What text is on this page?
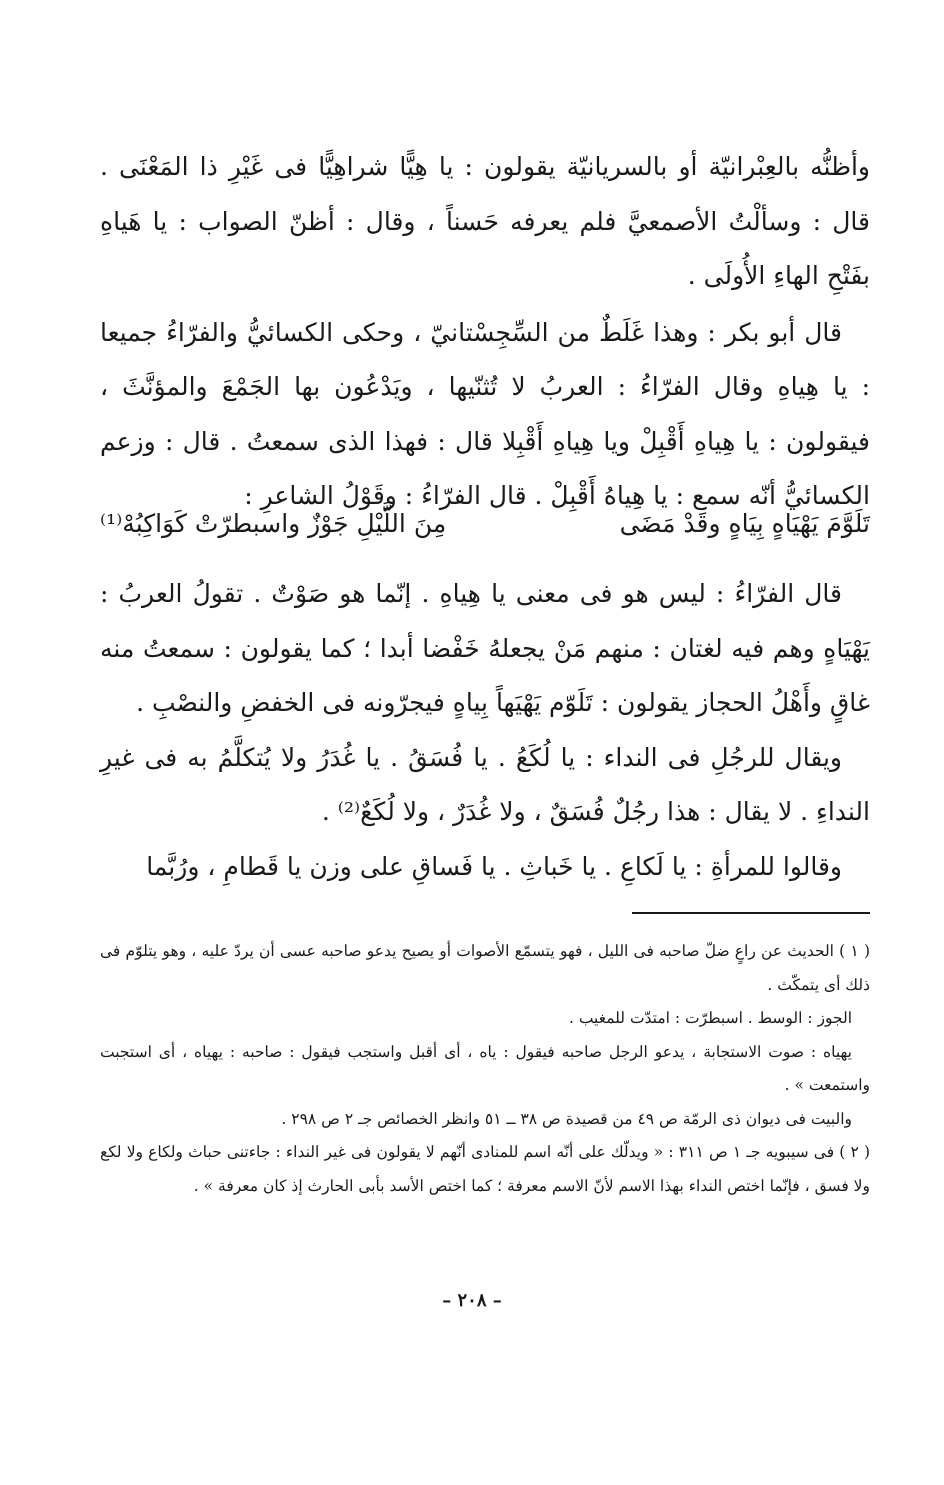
وأظنُّه بالعِبْرانيّة أو بالسريانيّة يقولون : يا هِيًّا شراهِيًّا فى غَيْرِ ذا المَعْنَى . قال : وسألْتُ الأصمعيَّ فلم يعرفه حَسناً ، وقال : أظنّ الصواب : يا هَياهِ بفَتْحِ الهاءِ الأُولَى .

قال أبو بكر : وهذا غَلَطٌ من السِّجِسْتانيّ ، وحكى الكسائيُّ والفرّاءُ جميعا : يا هِياهِ وقال الفرّاءُ : العربُ لا تُثنّيها ، ويَدْعُون بها الجَمْعَ والمؤنَّثَ ، فيقولون : يا هِياهِ أَقْبِلْ ويا هِياهِ أَقْبِلا قال : فهذا الذى سمعتُ . قال : وزعم الكسائيُّ أنّه سمع : يا هِياهُ أَقْبِلْ . قال الفرّاءُ : وقَوْلُ الشاعرِ :

تَلَوَّمَ يَهْيَاهٍ بِيَاهٍ وقَدْ مَضَى
مِنَ اللَّيْلِ جَوْزٌ واسبطرّتْ كَوَاكِبُهْ⁽¹⁾

قال الفرّاءُ : ليس هو فى معنى يا هِياهِ . إنّما هو صَوْتٌ . تقولُ العربُ : يَهْيَاهٍ وهم فيه لغتان : منهم مَنْ يجعلهُ خَفْضا أبدا ؛ كما يقولون : سمعتُ منه غاقٍ وأَهْلُ الحجاز يقولون : تَلَوّم يَهْيَهاً بِياهٍ فيجرّونه فى الخفضِ والنصْبِ .

ويقال للرجُلِ فى النداء : يا لُكَعُ . يا فُسَقُ . يا غُدَرُ ولا يُتكلَّمُ به فى غيرِ النداءِ . لا يقال : هذا رجُلٌ فُسَقٌ ، ولا غُدَرٌ ، ولا لُكَعٌ⁽²⁾ .

وقالوا للمرأةِ : يا لَكاعِ . يا خَباثِ . يا فَساقِ على وزن يا قَطامِ ، ورُبَّما

( ١ ) الحديث عن راعٍ ضلّ صاحبه فى الليل ، فهو يتسمّع الأصوات أو يصيح يدعو صاحبه عسى أن يردّ عليه ، وهو يتلوّم فى ذلك أى يتمكّث .

الجوز : الوسط . اسبطرّت : امتدّت للمغيب .

يهياه : صوت الاستجابة ، يدعو الرجل صاحبه فيقول : ياه ، أى أقبل واستجب فيقول : صاحبه : يهياه ، أى استجبت واستمعت » .

والبيت فى ديوان ذى الرمّة ص ٤٩ من قصيدة ص ٣٨ ــ ٥١ وانظر الخصائص جـ ٢ ص ٢٩٨ .

( ٢ ) فى سيبويه جـ ١ ص ٣١١ : « ويدلّك على أنّه اسم للمنادى أنّهم لا يقولون فى غير النداء : جاءتنى حباث ولكاع ولا لكع ولا فسق ، فإنّما اختص النداء بهذا الاسم لأنّ الاسم معرفة ؛ كما اختص الأسد بأبى الحارث إذ كان معرفة » .

– ٢٠٨ –
